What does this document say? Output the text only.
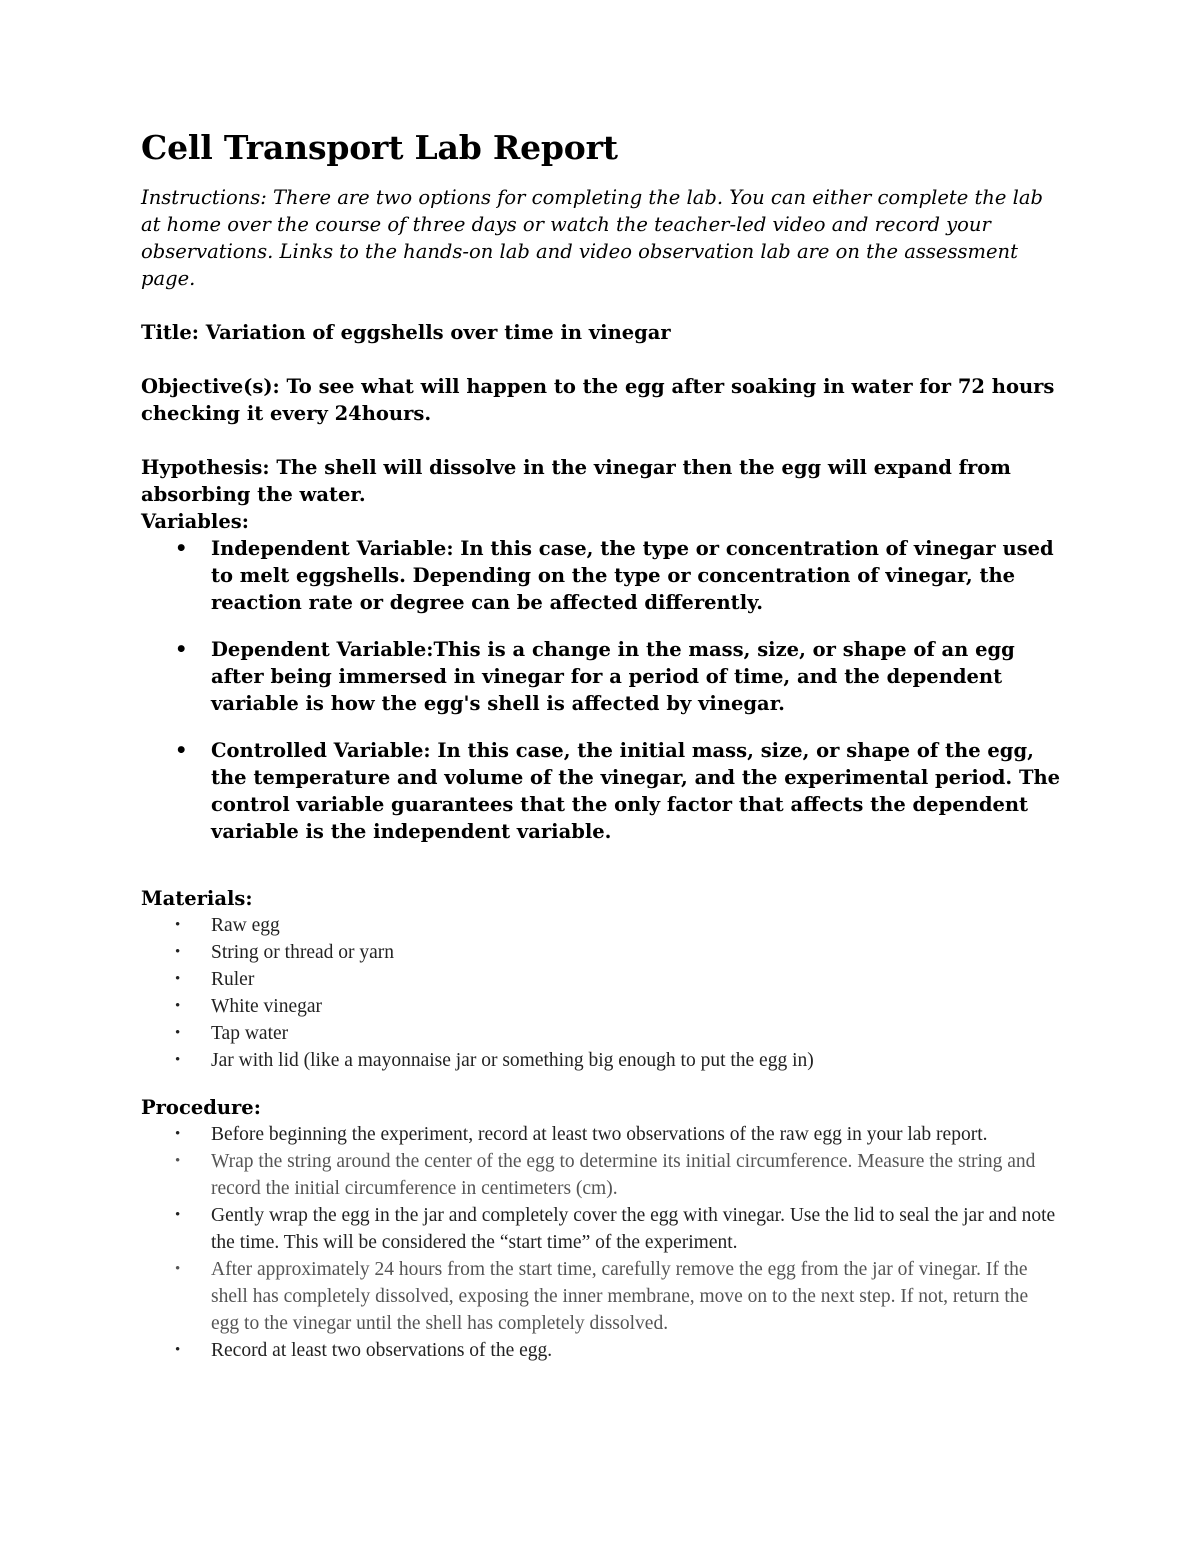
Cell Transport Lab Report

Instructions: There are two options for completing the lab. You can either complete the lab at home over the course of three days or watch the teacher-led video and record your observations. Links to the hands-on lab and video observation lab are on the assessment page.

Title: Variation of eggshells over time in vinegar

Objective(s): To see what will happen to the egg after soaking in water for 72 hours checking it every 24hours.

Hypothesis: The shell will dissolve in the vinegar then the egg will expand from absorbing the water.

Variables:

• Independent Variable: In this case, the type or concentration of vinegar used to melt eggshells. Depending on the type or concentration of vinegar, the reaction rate or degree can be affected differently.
• Dependent Variable:This is a change in the mass, size, or shape of an egg after being immersed in vinegar for a period of time, and the dependent variable is how the egg's shell is affected by vinegar.
• Controlled Variable: In this case, the initial mass, size, or shape of the egg, the temperature and volume of the vinegar, and the experimental period. The control variable guarantees that the only factor that affects the dependent variable is the independent variable.

Materials:

• Raw egg
• String or thread or yarn
• Ruler
• White vinegar
• Tap water
• Jar with lid (like a mayonnaise jar or something big enough to put the egg in)

Procedure:

• Before beginning the experiment, record at least two observations of the raw egg in your lab report.
• Wrap the string around the center of the egg to determine its initial circumference. Measure the string and record the initial circumference in centimeters (cm).
• Gently wrap the egg in the jar and completely cover the egg with vinegar. Use the lid to seal the jar and note the time. This will be considered the “start time” of the experiment.
• After approximately 24 hours from the start time, carefully remove the egg from the jar of vinegar. If the shell has completely dissolved, exposing the inner membrane, move on to the next step. If not, return the egg to the vinegar until the shell has completely dissolved.
• Record at least two observations of the egg.
